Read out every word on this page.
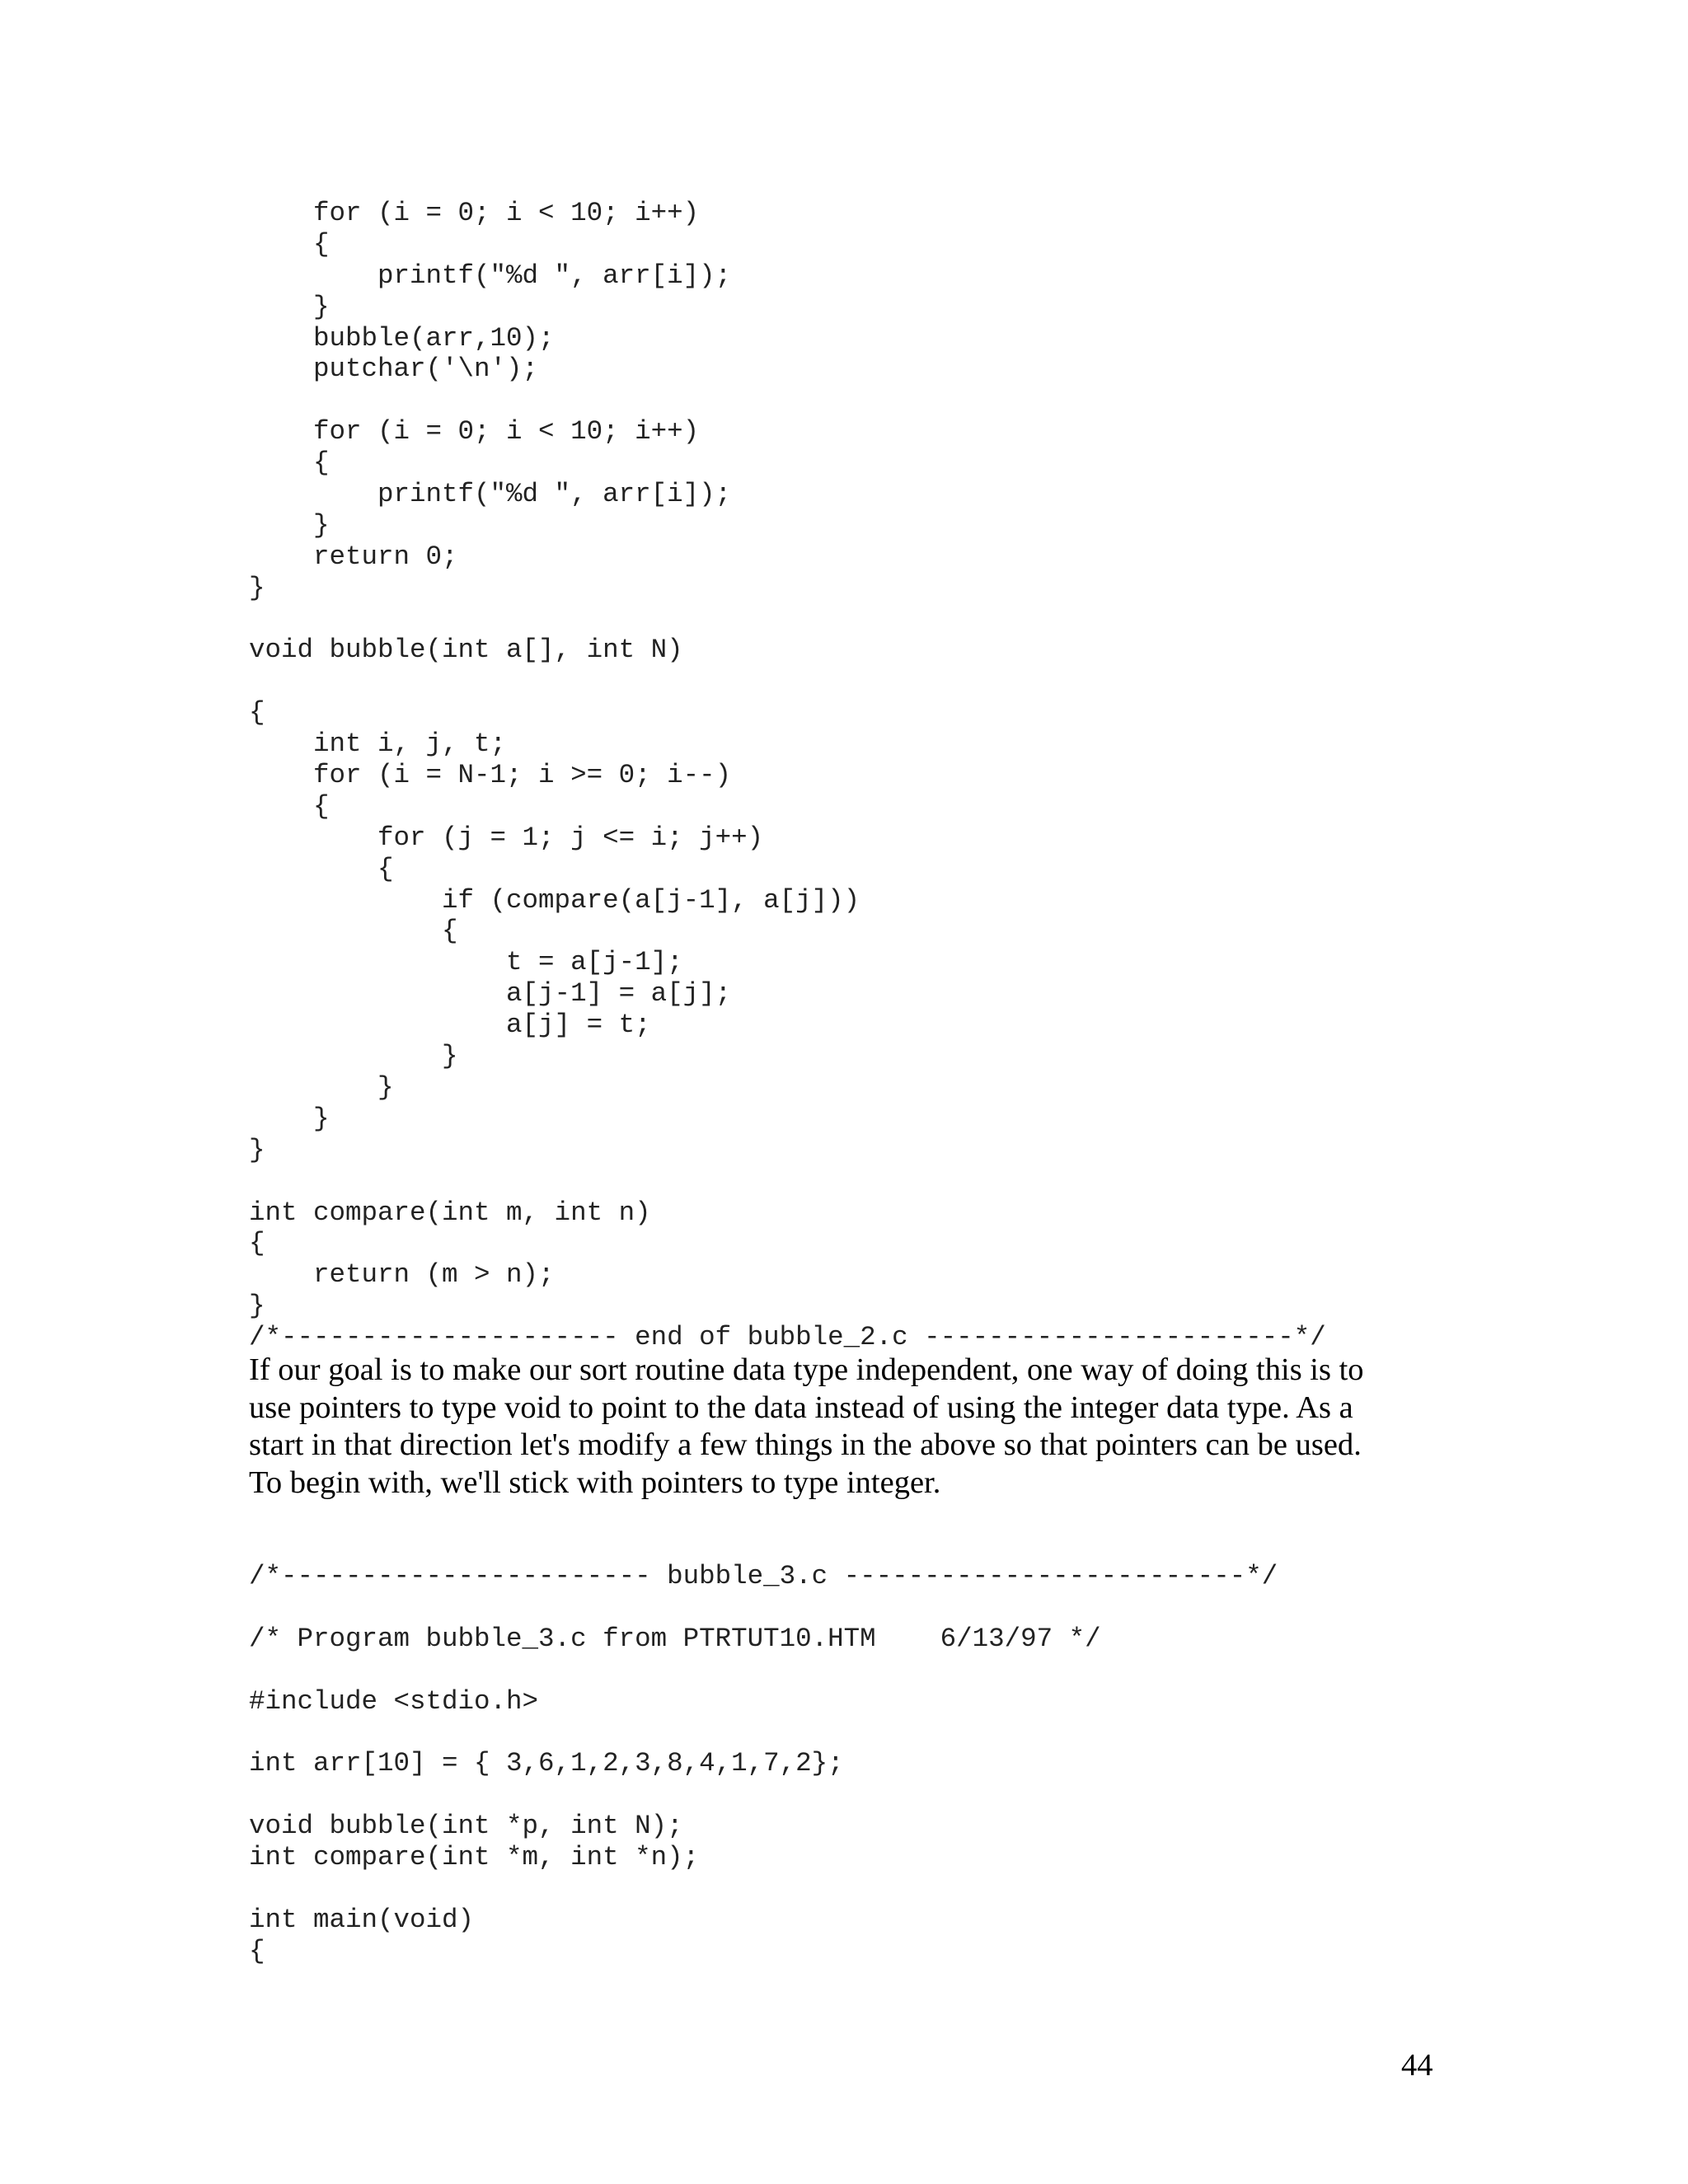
for (i = 0; i < 10; i++)
{
printf("%d ", arr[i]);
}
bubble(arr,10);
putchar('\n');
for (i = 0; i < 10; i++)
{
printf("%d ", arr[i]);
}
return 0;
}
void bubble(int a[], int N)
{
int i, j, t;
for (i = N-1; i >= 0; i--)
{
for (j = 1; j <= i; j++)
{
if (compare(a[j-1], a[j]))
{
t = a[j-1];
a[j-1] = a[j];
a[j] = t;
}
}
}
}
int compare(int m, int n)
{
return (m > n);
}
/*--------------------- end of bubble_2.c -----------------------*/
If our goal is to make our sort routine data type independent, one way of doing this is to
use pointers to type void to point to the data instead of using the integer data type. As a
start in that direction let's modify a few things in the above so that pointers can be used.
To begin with, we'll stick with pointers to type integer.
/*----------------------- bubble_3.c -------------------------*/
/* Program bubble_3.c from PTRTUT10.HTM    6/13/97 */
#include <stdio.h>
int arr[10] = { 3,6,1,2,3,8,4,1,7,2};
void bubble(int *p, int N);
int compare(int *m, int *n);
int main(void)
{
44
